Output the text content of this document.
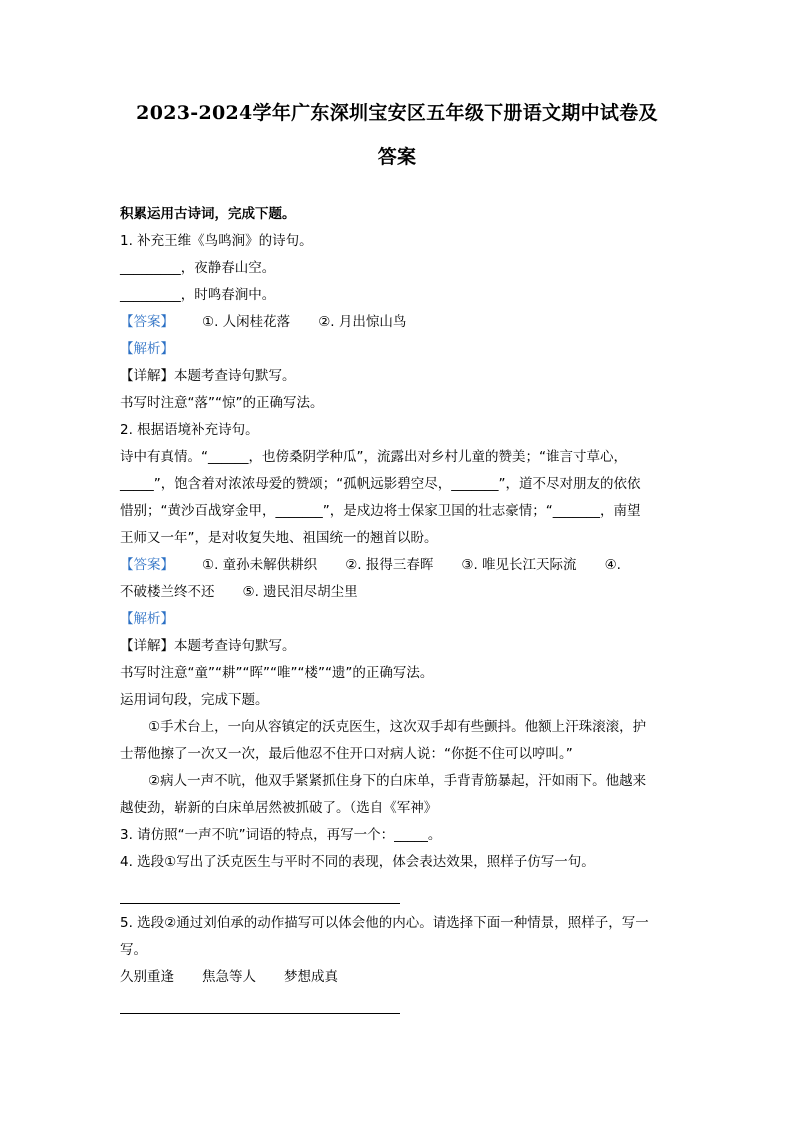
2023-2024学年广东深圳宝安区五年级下册语文期中试卷及
答案
积累运用古诗词，完成下题。
1. 补充王维《鸟鸣涧》的诗句。
_________，夜静春山空。
_________，时鸣春涧中。
【答案】 ①. 人闲桂花落 ②. 月出惊山鸟
【解析】
【详解】本题考查诗句默写。
书写时注意“落”“惊”的正确写法。
2. 根据语境补充诗句。
诗中有真情。“______，也傍桑阴学种瓜”，流露出对乡村儿童的赞美；“谁言寸草心，
_____”，饱含着对浓浓母爱的赞颂；“孤帆远影碧空尽，_______”，道不尽对朋友的依依
惜别；“黄沙百战穿金甲，_______”，是戍边将士保家卫国的壮志豪情；“_______，南望
王师又一年”，是对收复失地、祖国统一的翘首以盼。
【答案】 ①. 童孙未解供耕织 ②. 报得三春晖 ③. 唯见长江天际流 ④.
不破楼兰终不还 ⑤. 遗民泪尽胡尘里
【解析】
【详解】本题考查诗句默写。
书写时注意“童”“耕”“晖”“唯”“楼”“遗”的正确写法。
运用词句段，完成下题。
①手术台上，一向从容镇定的沃克医生，这次双手却有些颤抖。他额上汗珠滚滚，护
士帮他擦了一次又一次，最后他忍不住开口对病人说：“你挺不住可以哼叫。”
②病人一声不吭，他双手紧紧抓住身下的白床单，手背青筋暴起，汗如雨下。他越来
越使劲，崭新的白床单居然被抓破了。（选自《军神》
3. 请仿照“一声不吭”词语的特点，再写一个：_____。
4. 选段①写出了沃克医生与平时不同的表现，体会表达效果，照样子仿写一句。
5. 选段②通过刘伯承的动作描写可以体会他的内心。请选择下面一种情景，照样子，写一
写。
久别重逢 焦急等人 梦想成真
